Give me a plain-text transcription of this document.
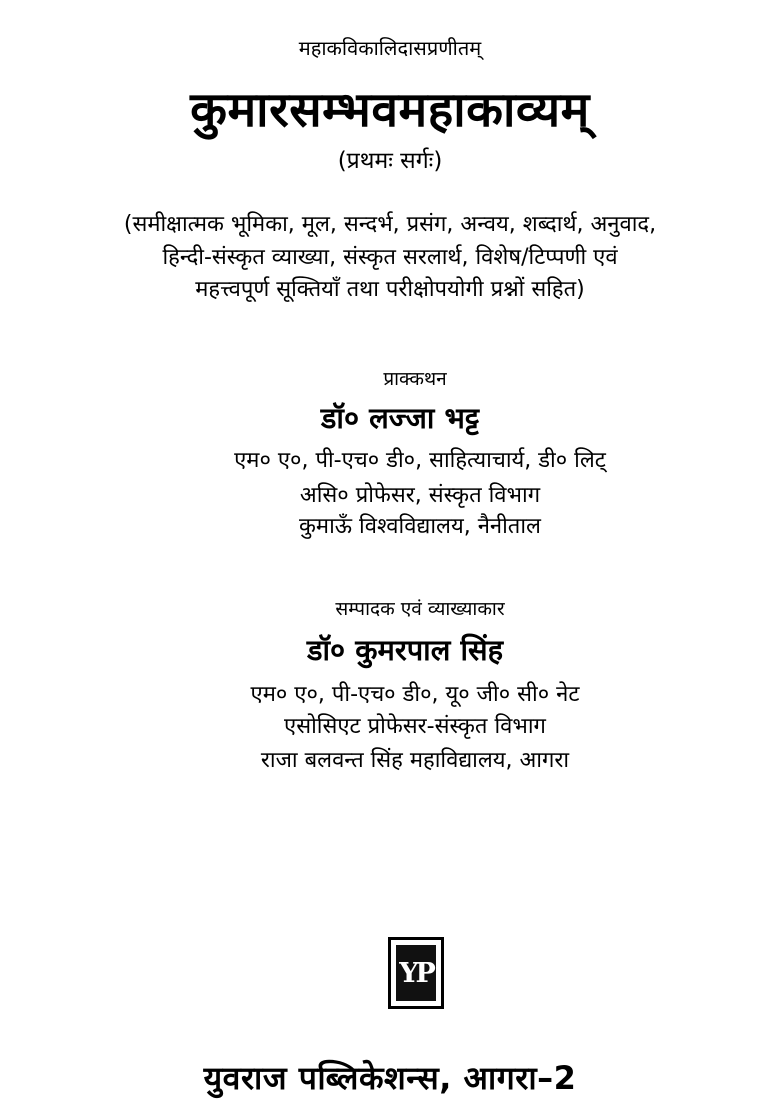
महाकविकालिदासप्रणीतम्
कुमारसम्भवमहाकाव्यम्
(प्रथमः सर्गः)
(समीक्षात्मक भूमिका, मूल, सन्दर्भ, प्रसंग, अन्वय, शब्दार्थ, अनुवाद,
हिन्दी-संस्कृत व्याख्या, संस्कृत सरलार्थ, विशेष/टिप्पणी एवं
महत्त्वपूर्ण सूक्तियाँ तथा परीक्षोपयोगी प्रश्नों सहित)
प्राक्कथन
डॉ० लज्जा भट्ट
एम० ए०, पी-एच० डी०, साहित्याचार्य, डी० लिट्
असि० प्रोफेसर, संस्कृत विभाग
कुमाऊँ विश्वविद्यालय, नैनीताल
सम्पादक एवं व्याख्याकार
डॉ० कुमरपाल सिंह
एम० ए०, पी-एच० डी०, यू० जी० सी० नेट
एसोसिएट प्रोफेसर-संस्कृत विभाग
राजा बलवन्त सिंह महाविद्यालय, आगरा
YP
युवराज पब्लिकेशन्स, आगरा–2
